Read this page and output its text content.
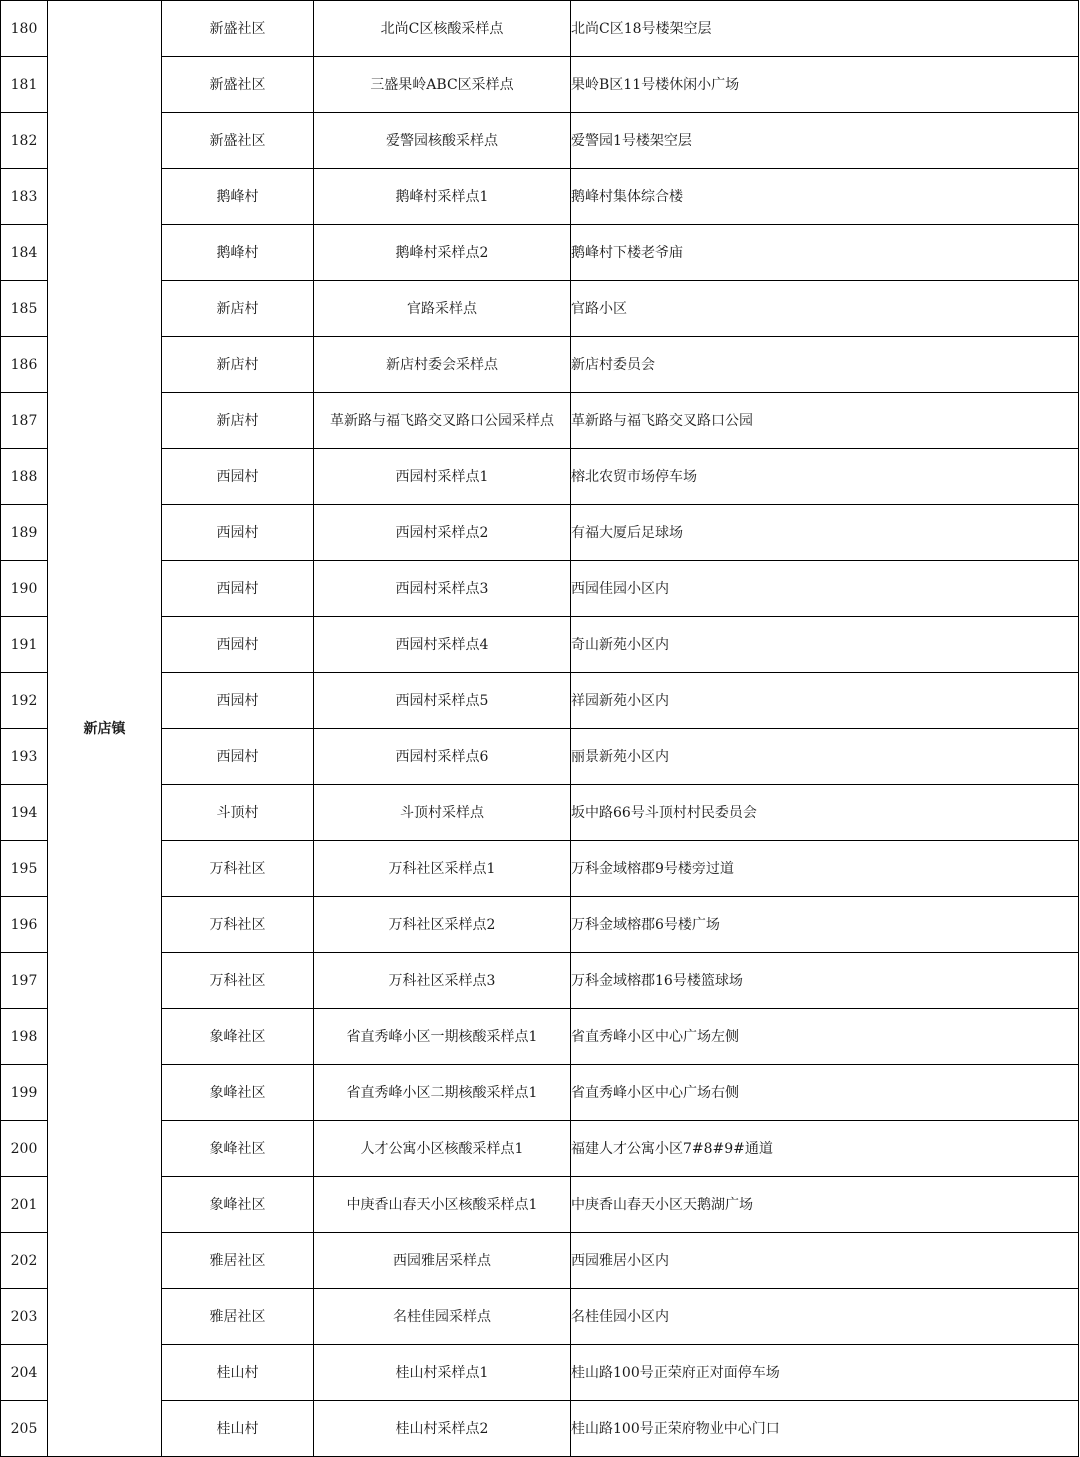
180	新店镇	新盛社区	北尚C区核酸采样点	北尚C区18号楼架空层
181		新盛社区	三盛果岭ABC区采样点	果岭B区11号楼休闲小广场
182		新盛社区	爱警园核酸采样点	爱警园1号楼架空层
183		鹅峰村	鹅峰村采样点1	鹅峰村集体综合楼
184		鹅峰村	鹅峰村采样点2	鹅峰村下楼老爷庙
185		新店村	官路采样点	官路小区
186		新店村	新店村委会采样点	新店村委员会
187		新店村	革新路与福飞路交叉路口公园采样点	革新路与福飞路交叉路口公园
188		西园村	西园村采样点1	榕北农贸市场停车场
189		西园村	西园村采样点2	有福大厦后足球场
190		西园村	西园村采样点3	西园佳园小区内
191		西园村	西园村采样点4	奇山新苑小区内
192		西园村	西园村采样点5	祥园新苑小区内
193		西园村	西园村采样点6	丽景新苑小区内
194		斗顶村	斗顶村采样点	坂中路66号斗顶村村民委员会
195		万科社区	万科社区采样点1	万科金域榕郡9号楼旁过道
196		万科社区	万科社区采样点2	万科金域榕郡6号楼广场
197		万科社区	万科社区采样点3	万科金域榕郡16号楼篮球场
198		象峰社区	省直秀峰小区一期核酸采样点1	省直秀峰小区中心广场左侧
199		象峰社区	省直秀峰小区二期核酸采样点1	省直秀峰小区中心广场右侧
200		象峰社区	人才公寓小区核酸采样点1	福建人才公寓小区7#8#9#通道
201		象峰社区	中庚香山春天小区核酸采样点1	中庚香山春天小区天鹅湖广场
202		雅居社区	西园雅居采样点	西园雅居小区内
203		雅居社区	名桂佳园采样点	名桂佳园小区内
204		桂山村	桂山村采样点1	桂山路100号正荣府正对面停车场
205		桂山村	桂山村采样点2	桂山路100号正荣府物业中心门口
